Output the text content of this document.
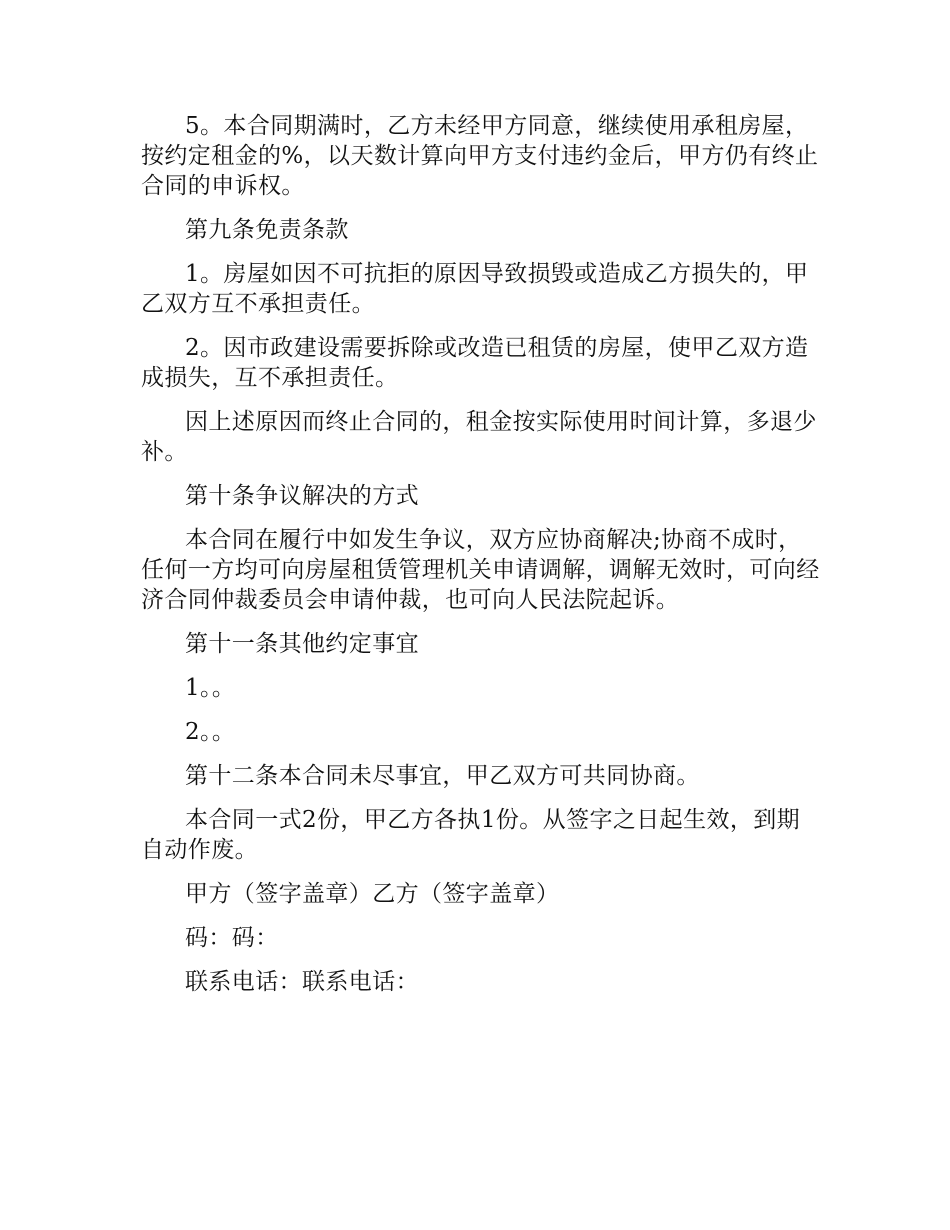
5。本合同期满时，乙方未经甲方同意，继续使用承租房屋，按约定租金的%，以天数计算向甲方支付违约金后，甲方仍有终止合同的申诉权。

第九条免责条款

1。房屋如因不可抗拒的原因导致损毁或造成乙方损失的，甲乙双方互不承担责任。

2。因市政建设需要拆除或改造已租赁的房屋，使甲乙双方造成损失，互不承担责任。

因上述原因而终止合同的，租金按实际使用时间计算，多退少补。

第十条争议解决的方式

本合同在履行中如发生争议，双方应协商解决;协商不成时，任何一方均可向房屋租赁管理机关申请调解，调解无效时，可向经济合同仲裁委员会申请仲裁，也可向人民法院起诉。

第十一条其他约定事宜

1。。

2。。

第十二条本合同未尽事宜，甲乙双方可共同协商。

本合同一式2份，甲乙方各执1份。从签字之日起生效，到期自动作废。

甲方（签字盖章）乙方（签字盖章）

码：码：

联系电话：联系电话：
